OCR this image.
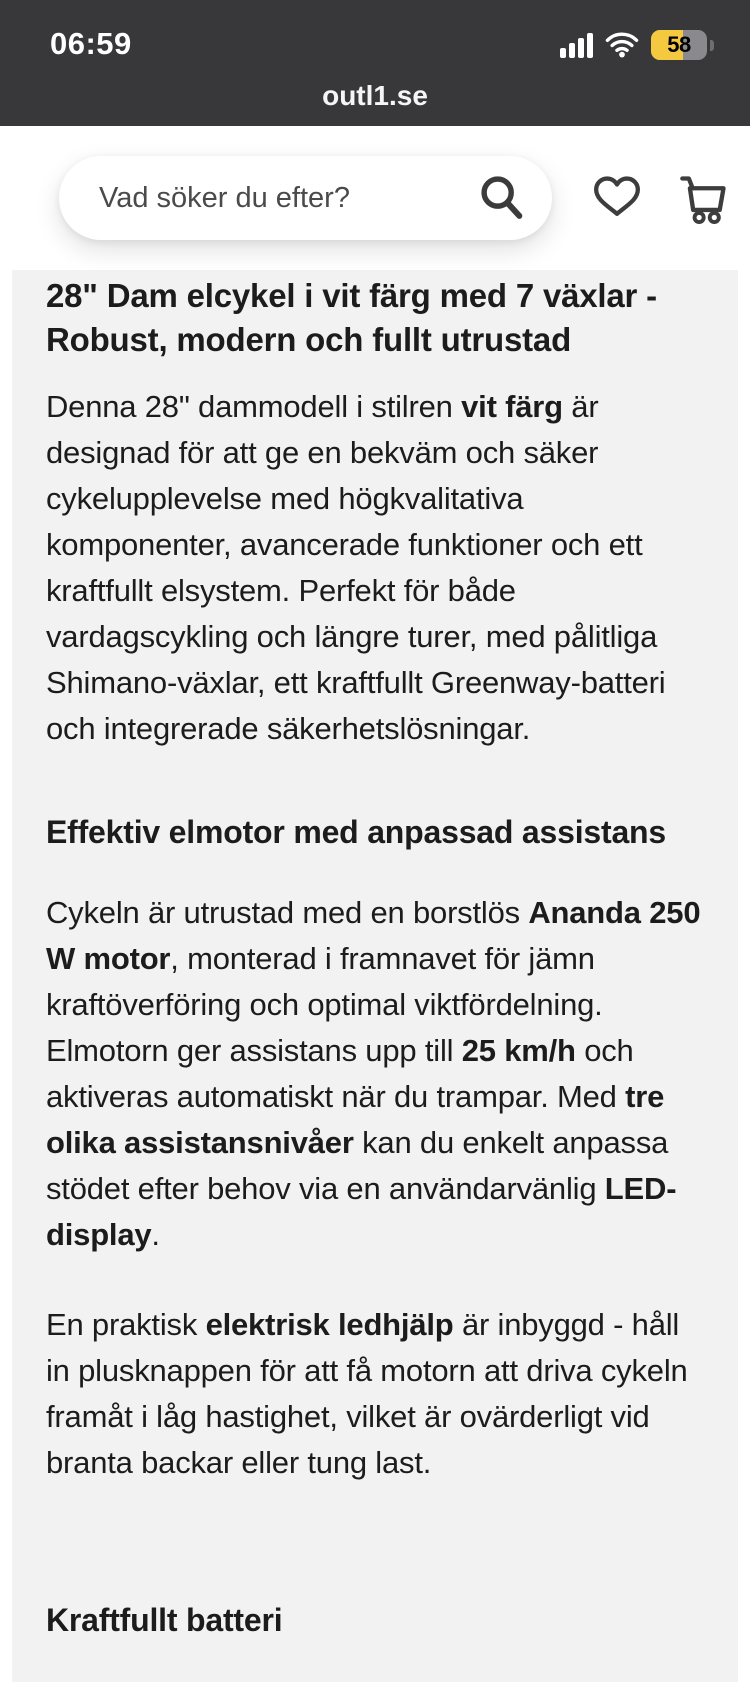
06:59	58
outl1.se
Vad söker du efter?
28" Dam elcykel i vit färg med 7 växlar - Robust, modern och fullt utrustad

Denna 28" dammodell i stilren vit färg är designad för att ge en bekväm och säker cykelupplevelse med högkvalitativa komponenter, avancerade funktioner och ett kraftfullt elsystem. Perfekt för både vardagscykling och längre turer, med pålitliga Shimano-växlar, ett kraftfullt Greenway-batteri och integrerade säkerhetslösningar.

Effektiv elmotor med anpassad assistans

Cykeln är utrustad med en borstlös Ananda 250 W motor, monterad i framnavet för jämn kraftöverföring och optimal viktfördelning. Elmotorn ger assistans upp till 25 km/h och aktiveras automatiskt när du trampar. Med tre olika assistansnivåer kan du enkelt anpassa stödet efter behov via en användarvänlig LED-display.

En praktisk elektrisk ledhjälp är inbyggd - håll in plusknappen för att få motorn att driva cykeln framåt i låg hastighet, vilket är ovärderligt vid branta backar eller tung last.

Kraftfullt batteri
